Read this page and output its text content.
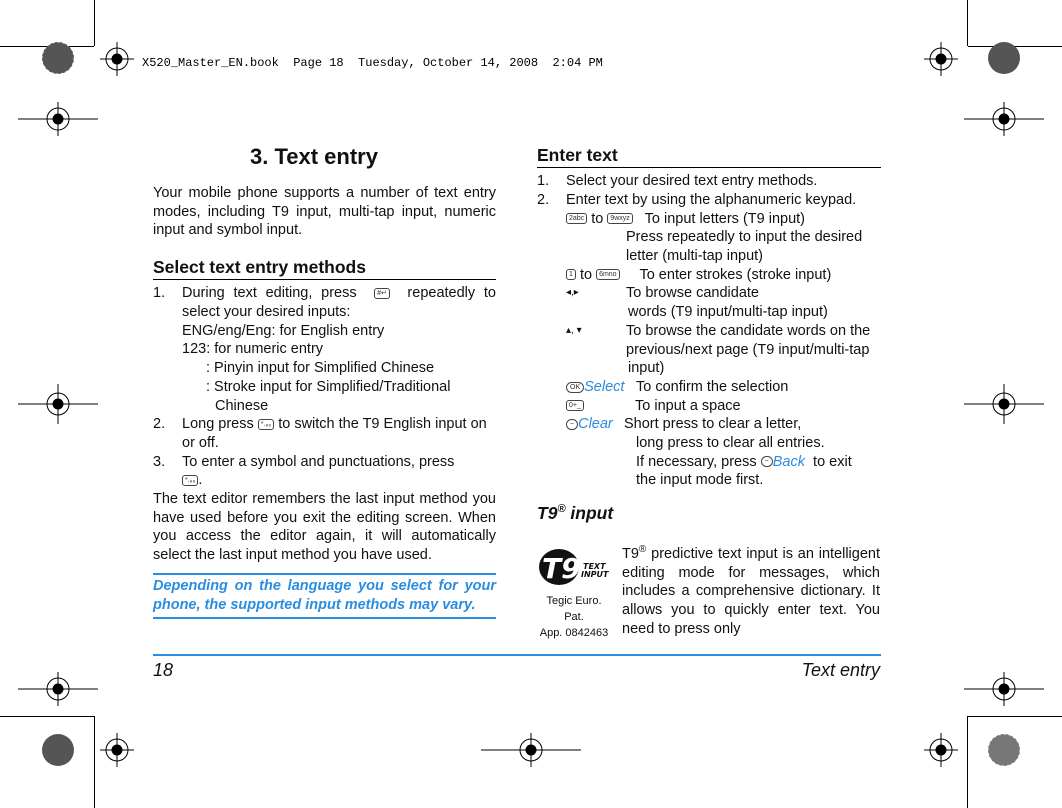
X520_Master_EN.book  Page 18  Tuesday, October 14, 2008  2:04 PM
3. Text entry
Your mobile phone supports a number of text entry modes, including T9 input, multi-tap input, numeric input and symbol input.
Select text entry methods
1.	During text editing, press	#↵ repeatedly to select your desired inputs:
ENG/eng/Eng: for English entry
123: for numeric entry
: Pinyin input for Simplified Chinese
: Stroke input for Simplified/Traditional
Chinese
2.	Long press *.₈₆ to switch the T9 English input on or off.
3.	To enter a symbol and punctuations, press
*.₈₆ .
The text editor remembers the last input method you have used before you exit the editing screen. When you access the editor again, it will automatically select the last input method you have used.
Depending on the language you select for your phone, the supported input methods may vary.
Enter text
1.	Select your desired text entry methods.
2.	Enter text by using the alphanumeric keypad.
2abc to 9wxyz To input letters (T9 input)
Press repeatedly to input the desired
letter (multi-tap input)
1 to 6mno To enter strokes (stroke input)
◂,▸	To browse candidate
words (T9 input/multi-tap input)
▴, ▾	To browse the candidate words on the
previous/next page (T9 input/multi-tap
input)
OK Select To confirm the selection
0+_	To input a space
− Clear Short press to clear a letter,
long press to clear all entries.
If necessary, press − Back to exit
the input mode first.
T9® input
T9 TEXT
INPUT
Tegic Euro. Pat.
App. 0842463
T9® predictive text input is an intelligent editing mode for messages, which includes a comprehensive dictionary. It allows you to quickly enter text. You need to press only
18	Text entry
